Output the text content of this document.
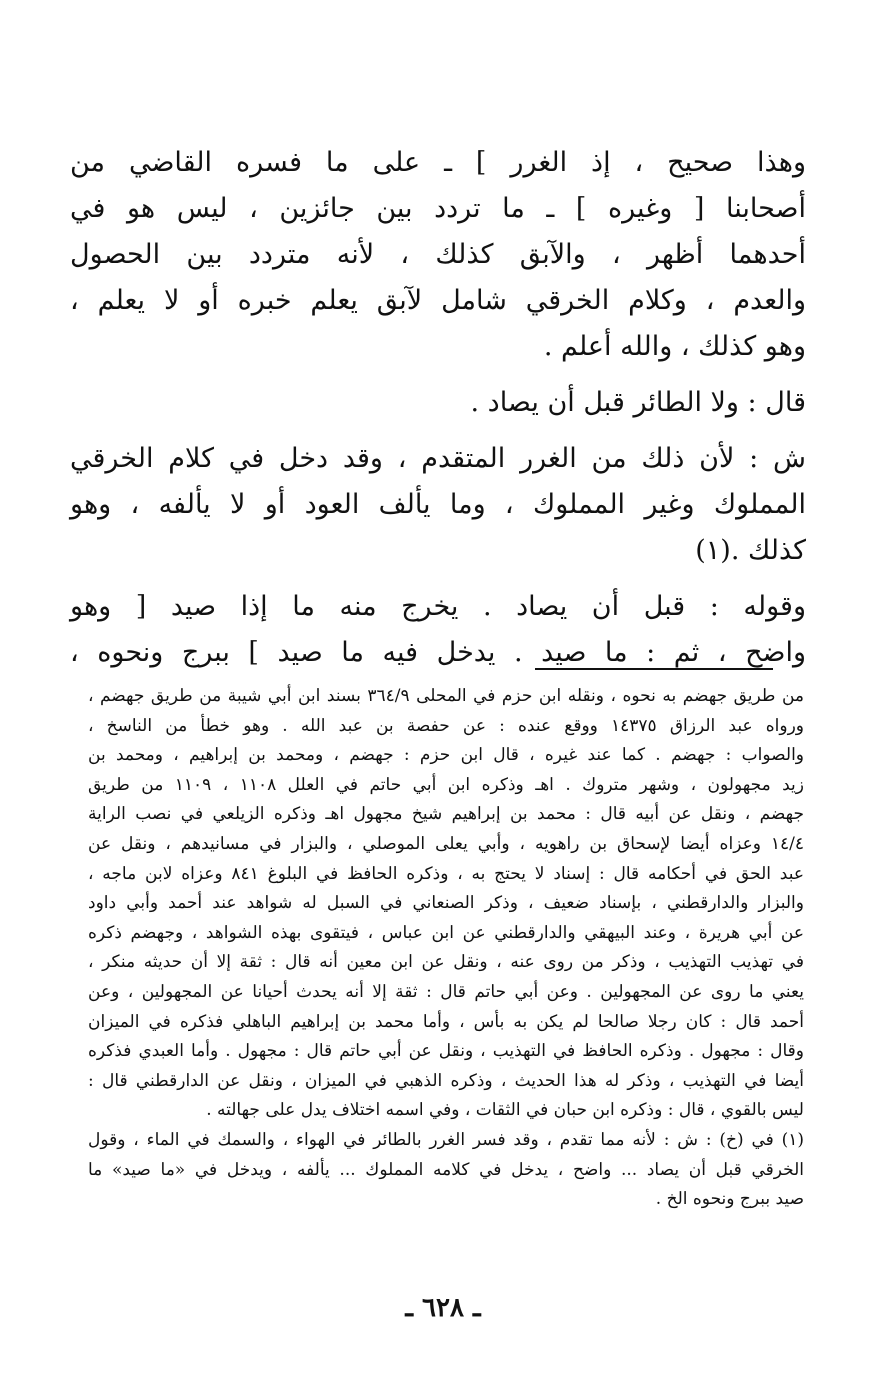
وهذا صحيح ، إذ الغرر ] ـ على ما فسره القاضي من
أصحابنا [ وغيره ] ـ ما تردد بين جائزين ، ليس هو في
أحدهما أظهر ، والآبق كذلك ، لأنه متردد بين الحصول
والعدم ، وكلام الخرقي شامل لآبق يعلم خبره أو لا يعلم ،
وهو كذلك ، والله أعلم .
قال : ولا الطائر قبل أن يصاد .
ش : لأن ذلك من الغرر المتقدم ، وقد دخل في كلام الخرقي
المملوك وغير المملوك ، وما يألف العود أو لا يألفه ، وهو
كذلك .(١)
وقوله : قبل أن يصاد . يخرج منه ما إذا صيد [ وهو
واضح ، ثم : ما صيد . يدخل فيه ما صيد ] ببرج ونحوه ،
من طريق جهضم به نحوه ، ونقله ابن حزم في المحلى ٣٦٤/٩ بسند ابن أبي شيبة من طريق جهضم ،
ورواه عبد الرزاق ١٤٣٧٥ ووقع عنده : عن حفصة بن عبد الله . وهو خطأ من الناسخ ،
والصواب : جهضم . كما عند غيره ، قال ابن حزم : جهضم ، ومحمد بن إبراهيم ، ومحمد بن
زيد مجهولون ، وشهر متروك . اهـ وذكره ابن أبي حاتم في العلل ١١٠٨ ، ١١٠٩ من طريق
جهضم ، ونقل عن أبيه قال : محمد بن إبراهيم شيخ مجهول اهـ وذكره الزيلعي في نصب الراية
١٤/٤ وعزاه أيضا لإسحاق بن راهويه ، وأبي يعلى الموصلي ، والبزار في مسانيدهم ، ونقل عن
عبد الحق في أحكامه قال : إسناد لا يحتج به ، وذكره الحافظ في البلوغ ٨٤١ وعزاه لابن ماجه ،
والبزار والدارقطني ، بإسناد ضعيف ، وذكر الصنعاني في السبل له شواهد عند أحمد وأبي داود
عن أبي هريرة ، وعند البيهقي والدارقطني عن ابن عباس ، فيتقوى بهذه الشواهد ، وجهضم ذكره
في تهذيب التهذيب ، وذكر من روى عنه ، ونقل عن ابن معين أنه قال : ثقة إلا أن حديثه منكر ،
يعني ما روى عن المجهولين . وعن أبي حاتم قال : ثقة إلا أنه يحدث أحيانا عن المجهولين ، وعن
أحمد قال : كان رجلا صالحا لم يكن به بأس ، وأما محمد بن إبراهيم الباهلي فذكره في الميزان
وقال : مجهول . وذكره الحافظ في التهذيب ، ونقل عن أبي حاتم قال : مجهول . وأما العبدي فذكره
أيضا في التهذيب ، وذكر له هذا الحديث ، وذكره الذهبي في الميزان ، ونقل عن الدارقطني قال :
ليس بالقوي ، قال : وذكره ابن حبان في الثقات ، وفي اسمه اختلاف يدل على جهالته .
(١) في (خ) : ش : لأنه مما تقدم ، وقد فسر الغرر بالطائر في الهواء ، والسمك في الماء ، وقول
الخرقي قبل أن يصاد ... واضح ، يدخل في كلامه المملوك ... يألفه ، ويدخل في «ما صيد» ما
صيد ببرج ونحوه الخ .
ـ ٦٢٨ ـ
